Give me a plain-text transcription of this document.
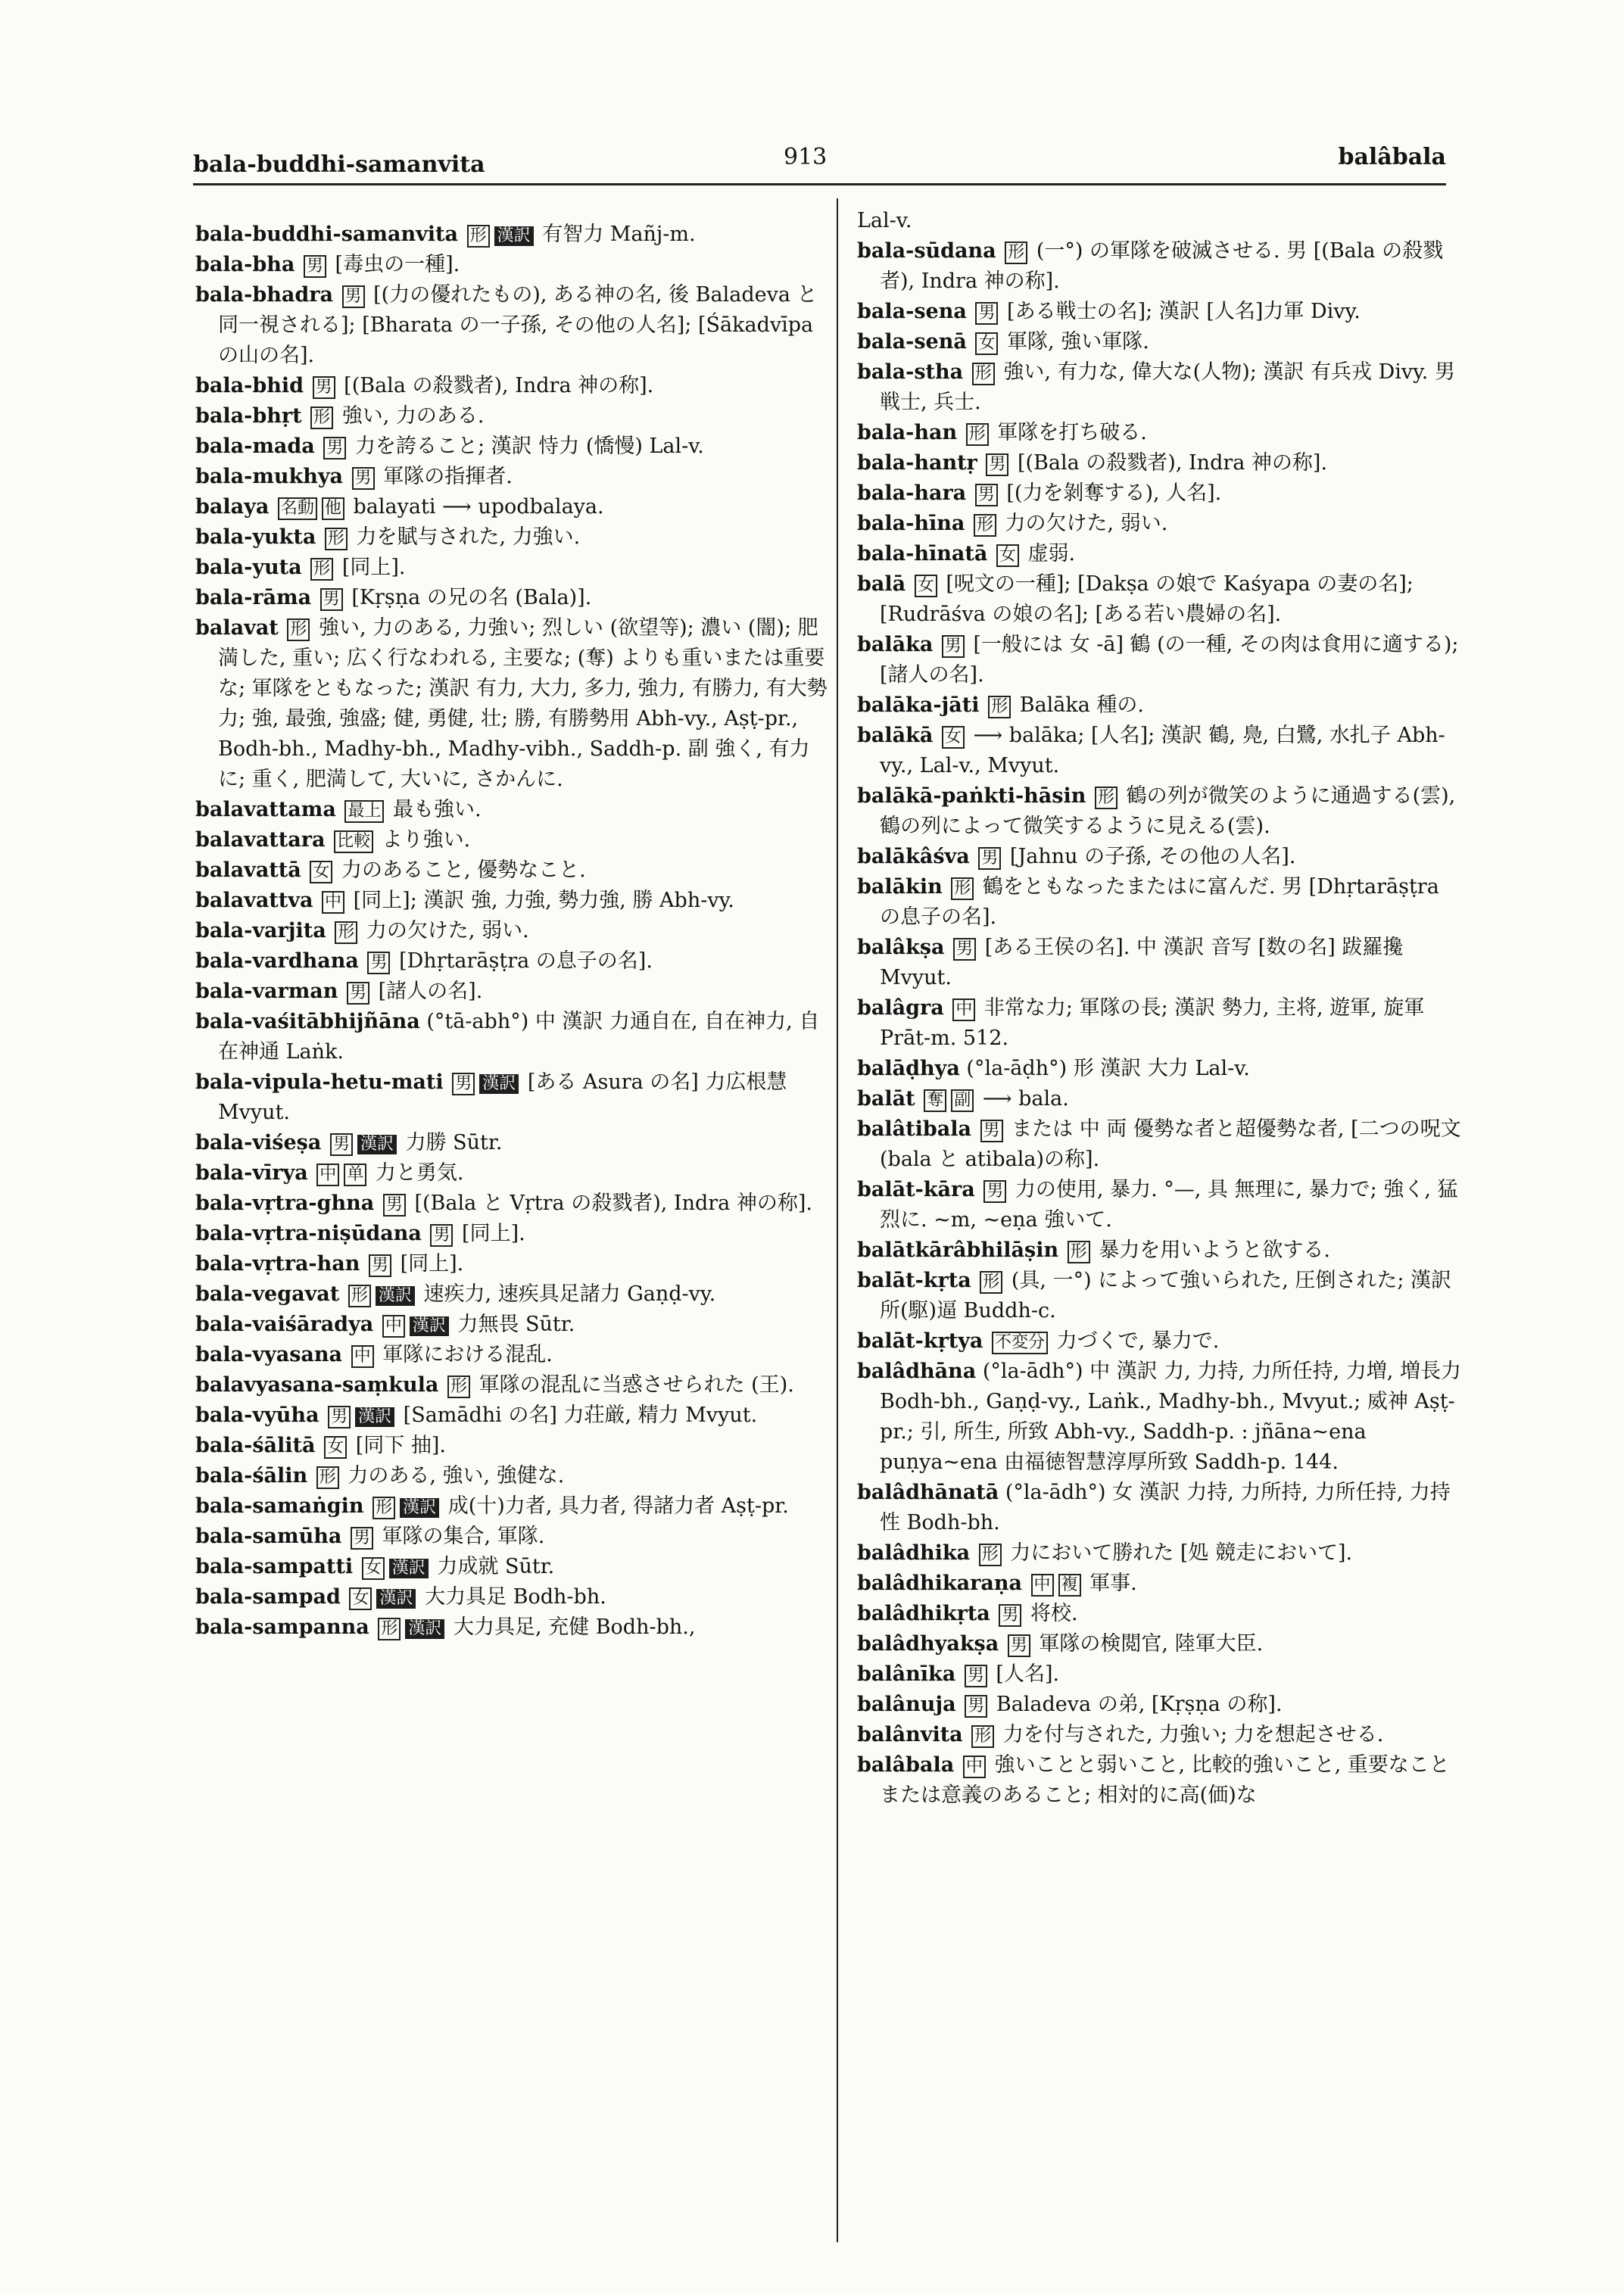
bala-buddhi-samanvita	913	balâbala

bala-buddhi-samanvita 形 漢訳 有智力 Mañj-m.

bala-bha 男 [毒虫の一種].

bala-bhadra 男 [(力の優れたもの), ある神の名, 後 Baladeva と同一視される]; [Bharata の一子孫, その他の人名]; [Śākadvīpa の山の名].

bala-bhid 男 [(Bala の殺戮者), Indra 神の称].

bala-bhṛt 形 強い, 力のある.

bala-mada 男 力を誇ること; 漢訳 恃力 (憍慢) Lal-v.

bala-mukhya 男 軍隊の指揮者.

balaya 名動 他 balayati ⟶ upodbalaya.

bala-yukta 形 力を賦与された, 力強い.

bala-yuta 形 [同上].

bala-rāma 男 [Kṛṣṇa の兄の名 (Bala)].

balavat 形 強い, 力のある, 力強い; 烈しい (欲望等); 濃い (闇); 肥満した, 重い; 広く行なわれる, 主要な; (奪) よりも重いまたは重要な; 軍隊をともなった; 漢訳 有力, 大力, 多力, 強力, 有勝力, 有大勢力; 強, 最強, 強盛; 健, 勇健, 壮; 勝, 有勝勢用 Abh-vy., Aṣṭ-pr., Bodh-bh., Madhy-bh., Madhy-vibh., Saddh-p. 副 強く, 有力に; 重く, 肥満して, 大いに, さかんに.

balavattama 最上 最も強い.

balavattara 比較 より強い.

balavattā 女 力のあること, 優勢なこと.

balavattva 中 [同上]; 漢訳 強, 力強, 勢力強, 勝 Abh-vy.

bala-varjita 形 力の欠けた, 弱い.

bala-vardhana 男 [Dhṛtarāṣṭra の息子の名].

bala-varman 男 [諸人の名].

bala-vaśitābhijñāna (°tā-abh°) 中 漢訳 力通自在, 自在神力, 自在神通 Laṅk.

bala-vipula-hetu-mati 男 漢訳 [ある Asura の名] 力広根慧 Mvyut.

bala-viśeṣa 男 漢訳 力勝 Sūtr.

bala-vīrya 中 单 力と勇気.

bala-vṛtra-ghna 男 [(Bala と Vṛtra の殺戮者), Indra 神の称].

bala-vṛtra-niṣūdana 男 [同上].

bala-vṛtra-han 男 [同上].

bala-vegavat 形 漢訳 速疾力, 速疾具足諸力 Gaṇḍ-vy.

bala-vaiśāradya 中 漢訳 力無畏 Sūtr.

bala-vyasana 中 軍隊における混乱.

balavyasana-saṃkula 形 軍隊の混乱に当惑させられた (王).

bala-vyūha 男 漢訳 [Samādhi の名] 力荘厳, 精力 Mvyut.

bala-śālitā 女 [同下 抽].

bala-śālin 形 力のある, 強い, 強健な.

bala-samaṅgin 形 漢訳 成(十)力者, 具力者, 得諸力者 Aṣṭ-pr.

bala-samūha 男 軍隊の集合, 軍隊.

bala-sampatti 女 漢訳 力成就 Sūtr.

bala-sampad 女 漢訳 大力具足 Bodh-bh.

bala-sampanna 形 漢訳 大力具足, 充健 Bodh-bh.,

Lal-v.

bala-sūdana 形 (一°) の軍隊を破滅させる. 男 [(Bala の殺戮者), Indra 神の称].

bala-sena 男 [ある戦士の名]; 漢訳 [人名]力軍 Divy.

bala-senā 女 軍隊, 強い軍隊.

bala-stha 形 強い, 有力な, 偉大な(人物); 漢訳 有兵戎 Divy. 男 戦士, 兵士.

bala-han 形 軍隊を打ち破る.

bala-hantṛ 男 [(Bala の殺戮者), Indra 神の称].

bala-hara 男 [(力を剝奪する), 人名].

bala-hīna 形 力の欠けた, 弱い.

bala-hīnatā 女 虚弱.

balā 女 [呪文の一種]; [Dakṣa の娘で Kaśyapa の妻の名]; [Rudrāśva の娘の名]; [ある若い農婦の名].

balāka 男 [一般には 女 -ā] 鶴 (の一種, その肉は食用に適する); [諸人の名].

balāka-jāti 形 Balāka 種の.

balākā 女 ⟶ balāka; [人名]; 漢訳 鶴, 鳧, 白鷺, 水扎子 Abh-vy., Lal-v., Mvyut.

balākā-paṅkti-hāsin 形 鶴の列が微笑のように通過する(雲), 鶴の列によって微笑するように見える(雲).

balākâśva 男 [Jahnu の子孫, その他の人名].

balākin 形 鶴をともなったまたはに富んだ. 男 [Dhṛtarāṣṭra の息子の名].

balâkṣa 男 [ある王侯の名]. 中 漢訳 音写 [数の名] 跋羅攙 Mvyut.

balâgra 中 非常な力; 軍隊の長; 漢訳 勢力, 主将, 遊軍, 旋軍 Prāt-m. 512.

balāḍhya (°la-āḍh°) 形 漢訳 大力 Lal-v.

balāt 奪 副 ⟶ bala.

balâtibala 男 または 中 両 優勢な者と超優勢な者, [二つの呪文 (bala と atibala)の称].

balāt-kāra 男 力の使用, 暴力. °—, 具 無理に, 暴力で; 強く, 猛烈に. ~m, ~eṇa 強いて.

balātkārâbhilāṣin 形 暴力を用いようと欲する.

balāt-kṛta 形 (具, 一°) によって強いられた, 圧倒された; 漢訳 所(駆)逼 Buddh-c.

balāt-kṛtya 不変分 力づくで, 暴力で.

balâdhāna (°la-ādh°) 中 漢訳 力, 力持, 力所任持, 力増, 増長力 Bodh-bh., Gaṇḍ-vy., Laṅk., Madhy-bh., Mvyut.; 威神 Aṣṭ-pr.; 引, 所生, 所致 Abh-vy., Saddh-p. : jñāna~ena puṇya~ena 由福徳智慧淳厚所致 Saddh-p. 144.

balâdhānatā (°la-ādh°) 女 漢訳 力持, 力所持, 力所任持, 力持性 Bodh-bh.

balâdhika 形 力において勝れた [処 競走において].

balâdhikaraṇa 中 複 軍事.

balâdhikṛta 男 将校.

balâdhyakṣa 男 軍隊の検閲官, 陸軍大臣.

balânīka 男 [人名].

balânuja 男 Baladeva の弟, [Kṛṣṇa の称].

balânvita 形 力を付与された, 力強い; 力を想起させる.

balâbala 中 強いことと弱いこと, 比較的強いこと, 重要なことまたは意義のあること; 相対的に高(価)な
